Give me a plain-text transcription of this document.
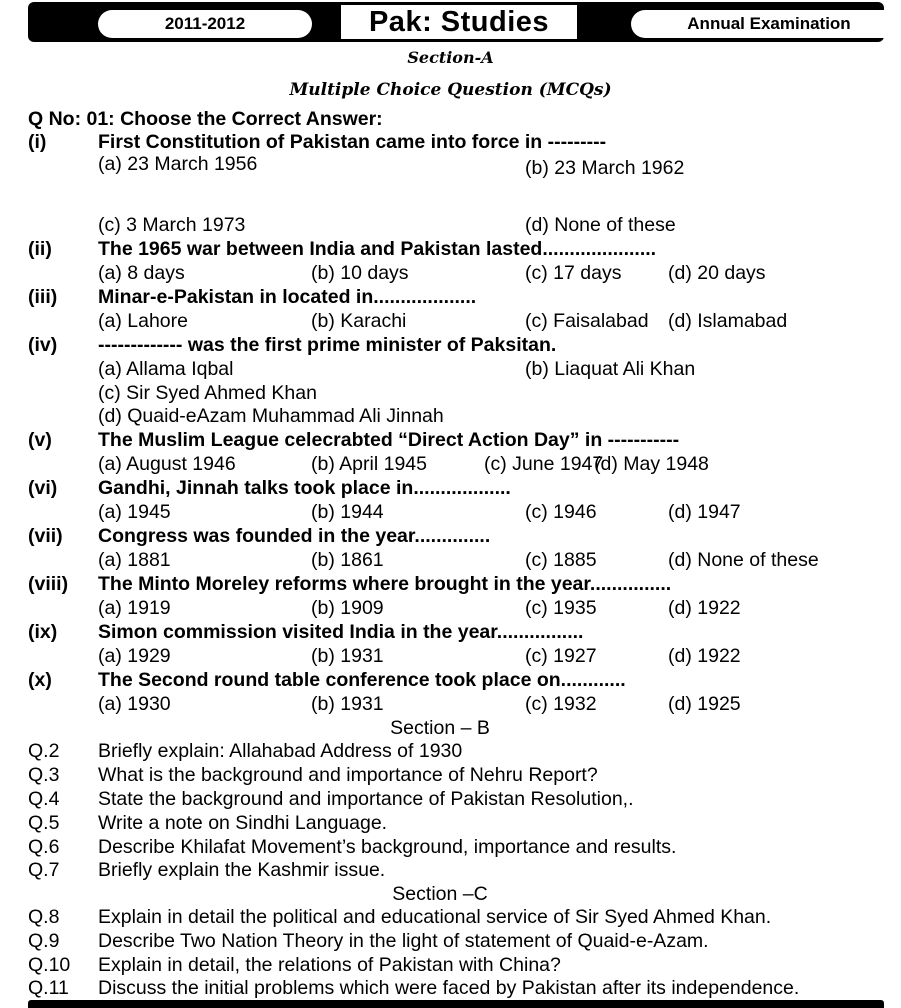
2011-2012	Annual Examination
Pak: Studies
Section-A
Multiple Choice Question (MCQs)
Q No: 01: Choose the Correct Answer:
(i)	First Constitution of Pakistan came into force in ---------
(a) 23 March 1956	(b) 23 March 1962
(c) 3 March 1973	(d) None of these
(ii) The 1965 war between India and Pakistan lasted.....................
(a) 8 days	(b) 10 days	(c) 17 days (d) 20 days
(iii) Minar-e-Pakistan in located in...................
(a) Lahore	(b) Karachi	(c) Faisalabad (d) Islamabad
(iv) ------------- was the first prime minister of Paksitan.
(a) Allama Iqbal	(b) Liaquat Ali Khan
(c) Sir Syed Ahmed Khan
(d) Quaid-eAzam Muhammad Ali Jinnah
(v) The Muslim League celecrabted “Direct Action Day” in -----------
(a) August 1946	(b) April 1945	(c) June 1947
(d) May 1948
(vi) Gandhi, Jinnah talks took place in..................
(a) 1945	(b) 1944	(c) 1946	(d) 1947
(vii) Congress was founded in the year..............
(a) 1881	(b) 1861	(c) 1885	(d) None of these
(viii) The Minto Moreley reforms where brought in the year...............
(a) 1919	(b) 1909	(c) 1935	(d) 1922
(ix) Simon commission visited India in the year................
(a) 1929	(b) 1931	(c) 1927	(d) 1922
(x) The Second round table conference took place on............
(a) 1930	(b) 1931	(c) 1932	(d) 1925
Section – B
Q.2 Briefly explain: Allahabad Address of 1930
Q.3 What is the background and importance of Nehru Report?
Q.4 State the background and importance of Pakistan Resolution,.
Q.5 Write a note on Sindhi Language.
Q.6 Describe Khilafat Movement’s background, importance and results.
Q.7 Briefly explain the Kashmir issue.
Section –C
Q.8 Explain in detail the political and educational service of Sir Syed Ahmed Khan.
Q.9 Describe Two Nation Theory in the light of statement of Quaid-e-Azam.
Q.10 Explain in detail, the relations of Pakistan with China?
Q.11 Discuss the initial problems which were faced by Pakistan after its independence.
